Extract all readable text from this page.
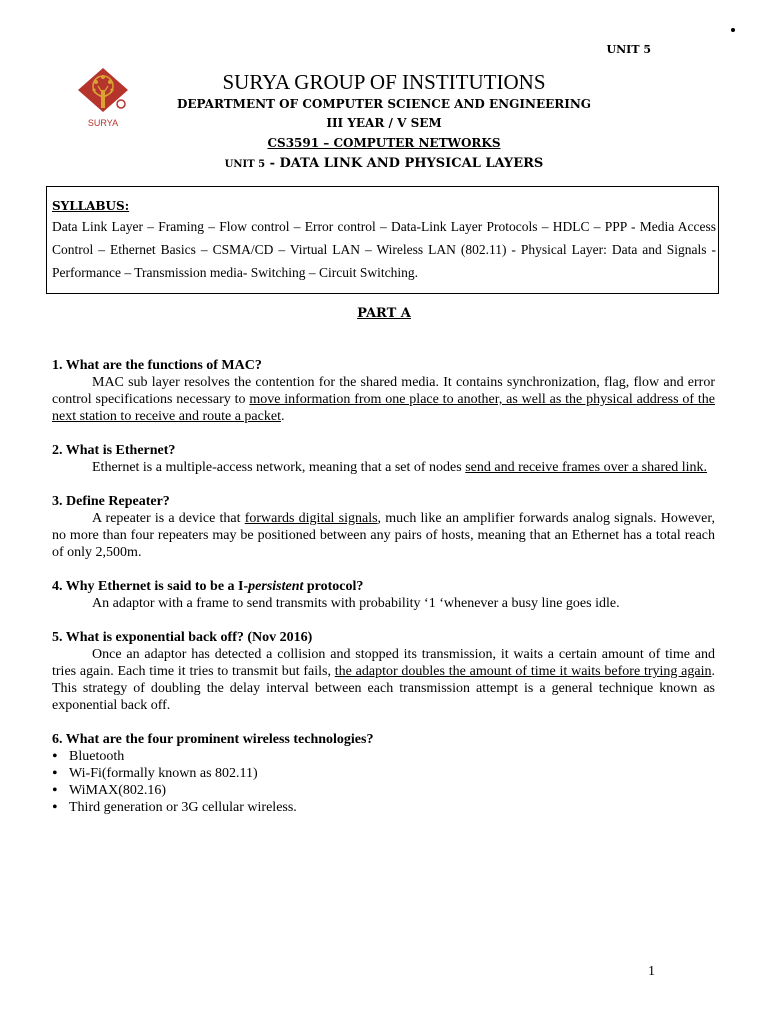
UNIT 5
SURYA
SURYA GROUP OF INSTITUTIONS
DEPARTMENT OF COMPUTER SCIENCE AND ENGINEERING
III YEAR / V SEM
CS3591 – COMPUTER NETWORKS
UNIT 5 - DATA LINK AND PHYSICAL LAYERS
SYLLABUS:
Data Link Layer – Framing – Flow control – Error control – Data-Link Layer Protocols – HDLC – PPP - Media Access Control – Ethernet Basics – CSMA/CD – Virtual LAN – Wireless LAN (802.11) - Physical Layer: Data and Signals - Performance – Transmission media- Switching – Circuit Switching.
PART A

1. What are the functions of MAC?

MAC sub layer resolves the contention for the shared media. It contains synchronization, flag, flow and error control specifications necessary to move information from one place to another, as well as the physical address of the next station to receive and route a packet.

2. What is Ethernet?

Ethernet is a multiple-access network, meaning that a set of nodes send and receive frames over a shared link.

3. Define Repeater?

A repeater is a device that forwards digital signals, much like an amplifier forwards analog signals. However, no more than four repeaters may be positioned between any pairs of hosts, meaning that an Ethernet has a total reach of only 2,500m.

4. Why Ethernet is said to be a I-persistent protocol?

An adaptor with a frame to send transmits with probability ‘1 ‘whenever a busy line goes idle.

5. What is exponential back off? (Nov 2016)

Once an adaptor has detected a collision and stopped its transmission, it waits a certain amount of time and tries again. Each time it tries to transmit but fails, the adaptor doubles the amount of time it waits before trying again. This strategy of doubling the delay interval between each transmission attempt is a general technique known as exponential back off.

6. What are the four prominent wireless technologies?

• Bluetooth
• Wi-Fi(formally known as 802.11)
• WiMAX(802.16)
• Third generation or 3G cellular wireless.
1
